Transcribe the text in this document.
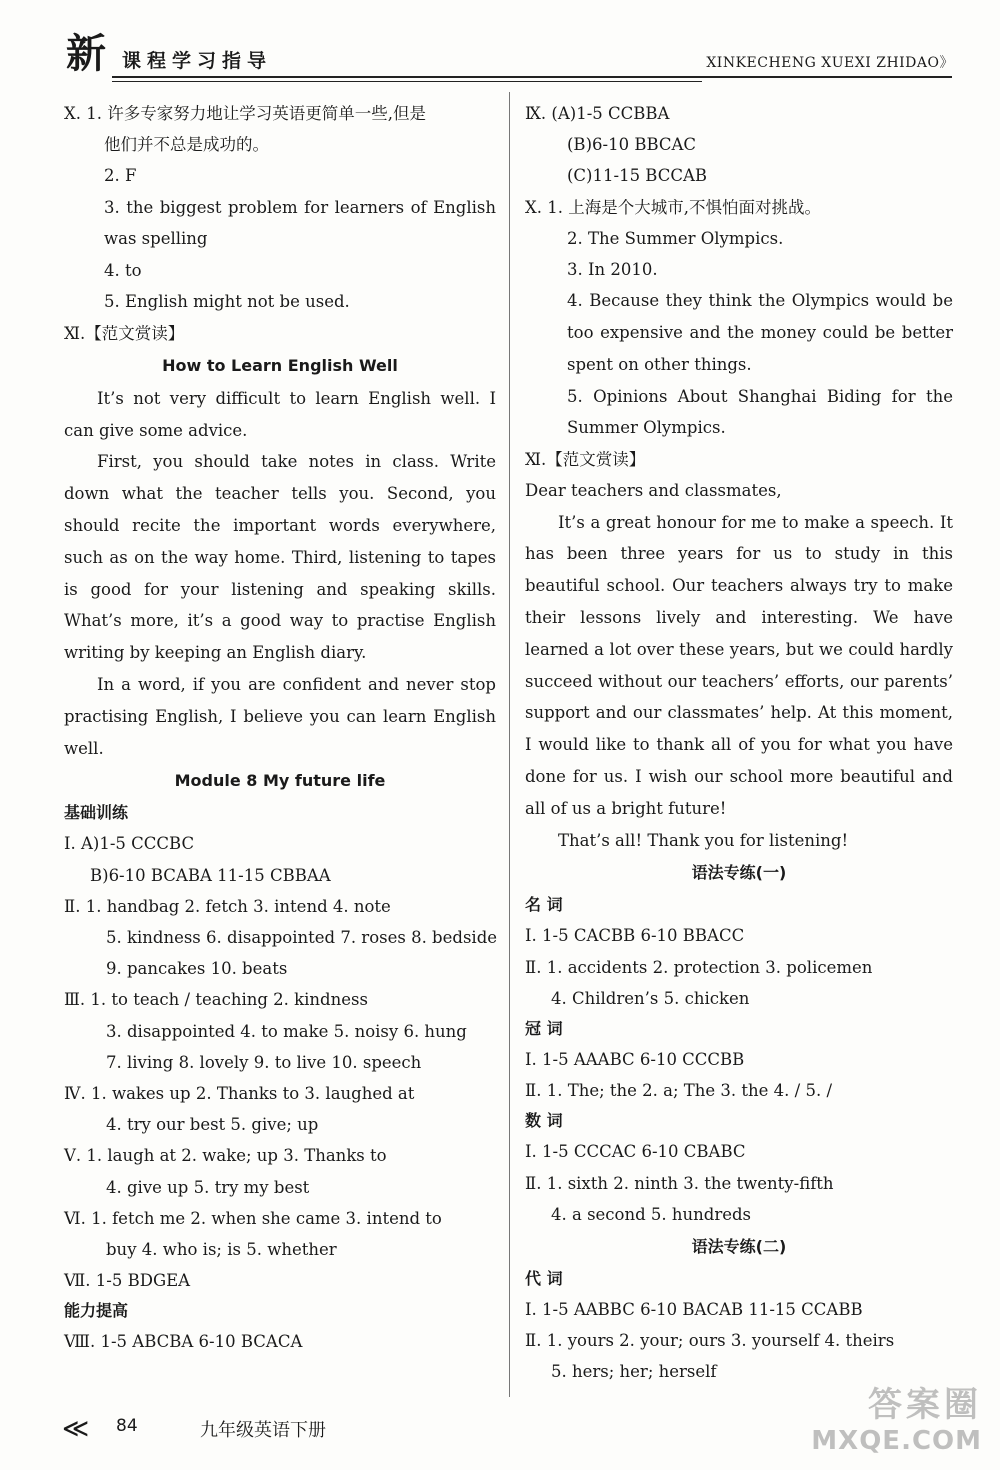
新 课程学习指导	XINKECHENG XUEXI ZHIDAO》
Ⅹ. 1. 许多专家努力地让学习英语更简单一些,但是
他们并不总是成功的。
2. F
3. the biggest problem for learners of English was spelling
4. to
5. English might not be used.
Ⅺ.【范文赏读】
How to Learn English Well
It’s not very difficult to learn English well. I can give some advice.
First, you should take notes in class. Write down what the teacher tells you. Second, you should recite the important words everywhere, such as on the way home. Third, listening to tapes is good for your listening and speaking skills. What’s more, it’s a good way to practise English writing by keeping an English diary.
In a word, if you are confident and never stop practising English, I believe you can learn English well.
Module 8 My future life
基础训练
Ⅰ. A)1-5 CCCBC
B)6-10 BCABA 11-15 CBBAA
Ⅱ. 1. handbag 2. fetch 3. intend 4. note
5. kindness 6. disappointed 7. roses 8. bedside
9. pancakes 10. beats
Ⅲ. 1. to teach / teaching 2. kindness
3. disappointed 4. to make 5. noisy 6. hung
7. living 8. lovely 9. to live 10. speech
Ⅳ. 1. wakes up 2. Thanks to 3. laughed at
4. try our best 5. give; up
Ⅴ. 1. laugh at 2. wake; up 3. Thanks to
4. give up 5. try my best
Ⅵ. 1. fetch me 2. when she came 3. intend to
buy 4. who is; is 5. whether
Ⅶ. 1-5 BDGEA
能力提高
Ⅷ. 1-5 ABCBA 6-10 BCACA
Ⅸ. (A)1-5 CCBBA
(B)6-10 BBCAC
(C)11-15 BCCAB
Ⅹ. 1. 上海是个大城市,不惧怕面对挑战。
2. The Summer Olympics.
3. In 2010.
4. Because they think the Olympics would be too expensive and the money could be better spent on other things.
5. Opinions About Shanghai Biding for the Summer Olympics.
Ⅺ.【范文赏读】
Dear teachers and classmates,
It’s a great honour for me to make a speech. It has been three years for us to study in this beautiful school. Our teachers always try to make their lessons lively and interesting. We have learned a lot over these years, but we could hardly succeed without our teachers’ efforts, our parents’ support and our classmates’ help. At this moment, I would like to thank all of you for what you have done for us. I wish our school more beautiful and all of us a bright future!
That’s all! Thank you for listening!
语法专练(一)
名 词
Ⅰ. 1-5 CACBB 6-10 BBACC
Ⅱ. 1. accidents 2. protection 3. policemen
4. Children’s 5. chicken
冠 词
Ⅰ. 1-5 AAABC 6-10 CCCBB
Ⅱ. 1. The; the 2. a; The 3. the 4. / 5. /
数 词
Ⅰ. 1-5 CCCAC 6-10 CBABC
Ⅱ. 1. sixth 2. ninth 3. the twenty-fifth
4. a second 5. hundreds
语法专练(二)
代 词
Ⅰ. 1-5 AABBC 6-10 BACAB 11-15 CCABB
Ⅱ. 1. yours 2. your; ours 3. yourself 4. theirs
5. hers; her; herself
≪ 84	九年级英语下册
答案圈
MXQE.COM
